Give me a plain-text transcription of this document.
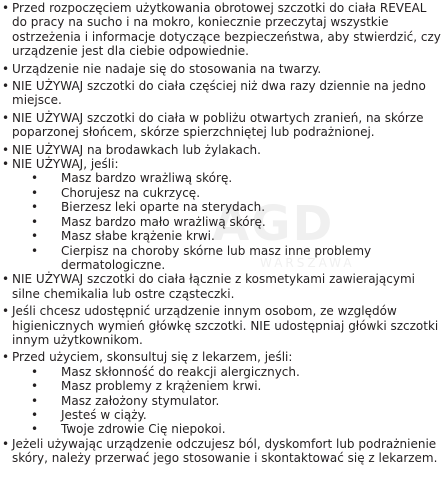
AGD
WARSZAWA
• Przed rozpoczęciem użytkowania obrotowej szczotki do ciała REVEAL do pracy na sucho i na mokro, koniecznie przeczytaj wszystkie ostrzeżenia i informacje dotyczące bezpieczeństwa, aby stwierdzić, czy urządzenie jest dla ciebie odpowiednie.
• Urządzenie nie nadaje się do stosowania na twarzy.
• NIE UŻYWAJ szczotki do ciała częściej niż dwa razy dziennie na jedno miejsce.
• NIE UŻYWAJ szczotki do ciała w pobliżu otwartych zranień, na skórze poparzonej słońcem, skórze spierzchniętej lub podrażnionej.
• NIE UŻYWAJ na brodawkach lub żylakach.
• NIE UŻYWAJ, jeśli:
• Masz bardzo wrażliwą skórę.
• Chorujesz na cukrzycę.
• Bierzesz leki oparte na sterydach.
• Masz bardzo mało wrażliwą skórę.
• Masz słabe krążenie krwi.
• Cierpisz na choroby skórne lub masz inne problemy dermatologiczne.
• NIE UŻYWAJ szczotki do ciała łącznie z kosmetykami zawierającymi silne chemikalia lub ostre cząsteczki.
• Jeśli chcesz udostępnić urządzenie innym osobom, ze względów higienicznych wymień główkę szczotki. NIE udostępniaj główki szczotki innym użytkownikom.
• Przed użyciem, skonsultuj się z lekarzem, jeśli:
• Masz skłonność do reakcji alergicznych.
• Masz problemy z krążeniem krwi.
• Masz założony stymulator.
• Jesteś w ciąży.
• Twoje zdrowie Cię niepokoi.
• Jeżeli używając urządzenie odczujesz ból, dyskomfort lub podrażnienie skóry, należy przerwać jego stosowanie i skontaktować się z lekarzem.
